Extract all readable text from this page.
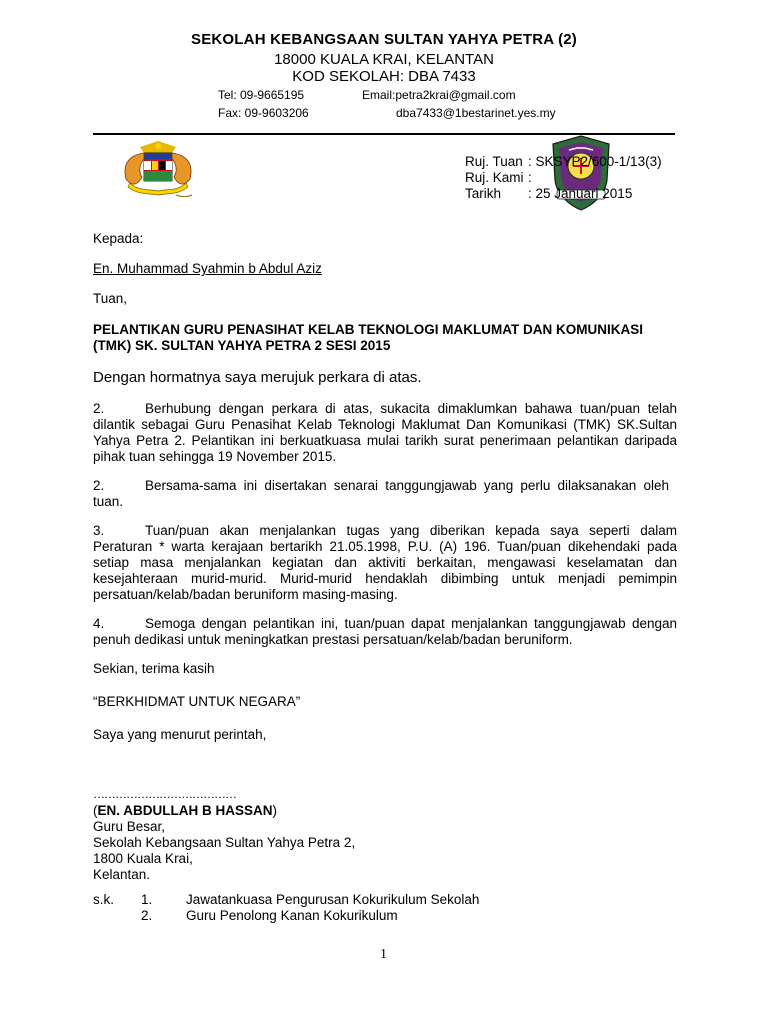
SEKOLAH KEBANGSAAN SULTAN YAHYA PETRA (2)
18000 KUALA KRAI, KELANTAN
KOD SEKOLAH: DBA 7433
Tel: 09-9665195	Email:petra2krai@gmail.com
Fax: 09-9603206	dba7433@1bestarinet.yes.my
Ruj. Tuan : SKSYP2/600-1/13(3)
Ruj. Kami :
Tarikh : 25 Januari 2015
Kepada:
En. Muhammad Syahmin b Abdul Aziz
Tuan,
PELANTIKAN GURU PENASIHAT KELAB TEKNOLOGI MAKLUMAT DAN KOMUNIKASI
(TMK) SK. SULTAN YAHYA PETRA 2 SESI 2015
Dengan hormatnya saya merujuk perkara di atas.
2.	Berhubung dengan perkara di atas, sukacita dimaklumkan bahawa tuan/puan telah dilantik sebagai Guru Penasihat Kelab Teknologi Maklumat Dan Komunikasi (TMK) SK.Sultan Yahya Petra 2. Pelantikan ini berkuatkuasa mulai tarikh surat penerimaan pelantikan daripada pihak tuan sehingga 19 November 2015.
2.	Bersama-sama ini disertakan senarai tanggungjawab yang perlu dilaksanakan oleh tuan.
3.	Tuan/puan akan menjalankan tugas yang diberikan kepada saya seperti dalam Peraturan * warta kerajaan bertarikh 21.05.1998, P.U. (A) 196. Tuan/puan dikehendaki pada setiap masa menjalankan kegiatan dan aktiviti berkaitan, mengawasi keselamatan dan kesejahteraan murid-murid. Murid-murid hendaklah dibimbing untuk menjadi pemimpin persatuan/kelab/badan beruniform masing-masing.
4.	Semoga dengan pelantikan ini, tuan/puan dapat menjalankan tanggungjawab dengan penuh dedikasi untuk meningkatkan prestasi persatuan/kelab/badan beruniform.
Sekian, terima kasih
“BERKHIDMAT UNTUK NEGARA”
Saya yang menurut perintah,
…………………………………
(EN. ABDULLAH B HASSAN)
Guru Besar,
Sekolah Kebangsaan Sultan Yahya Petra 2,
1800 Kuala Krai,
Kelantan.
s.k. 1. Jawatankuasa Pengurusan Kokurikulum Sekolah
2. Guru Penolong Kanan Kokurikulum
1
